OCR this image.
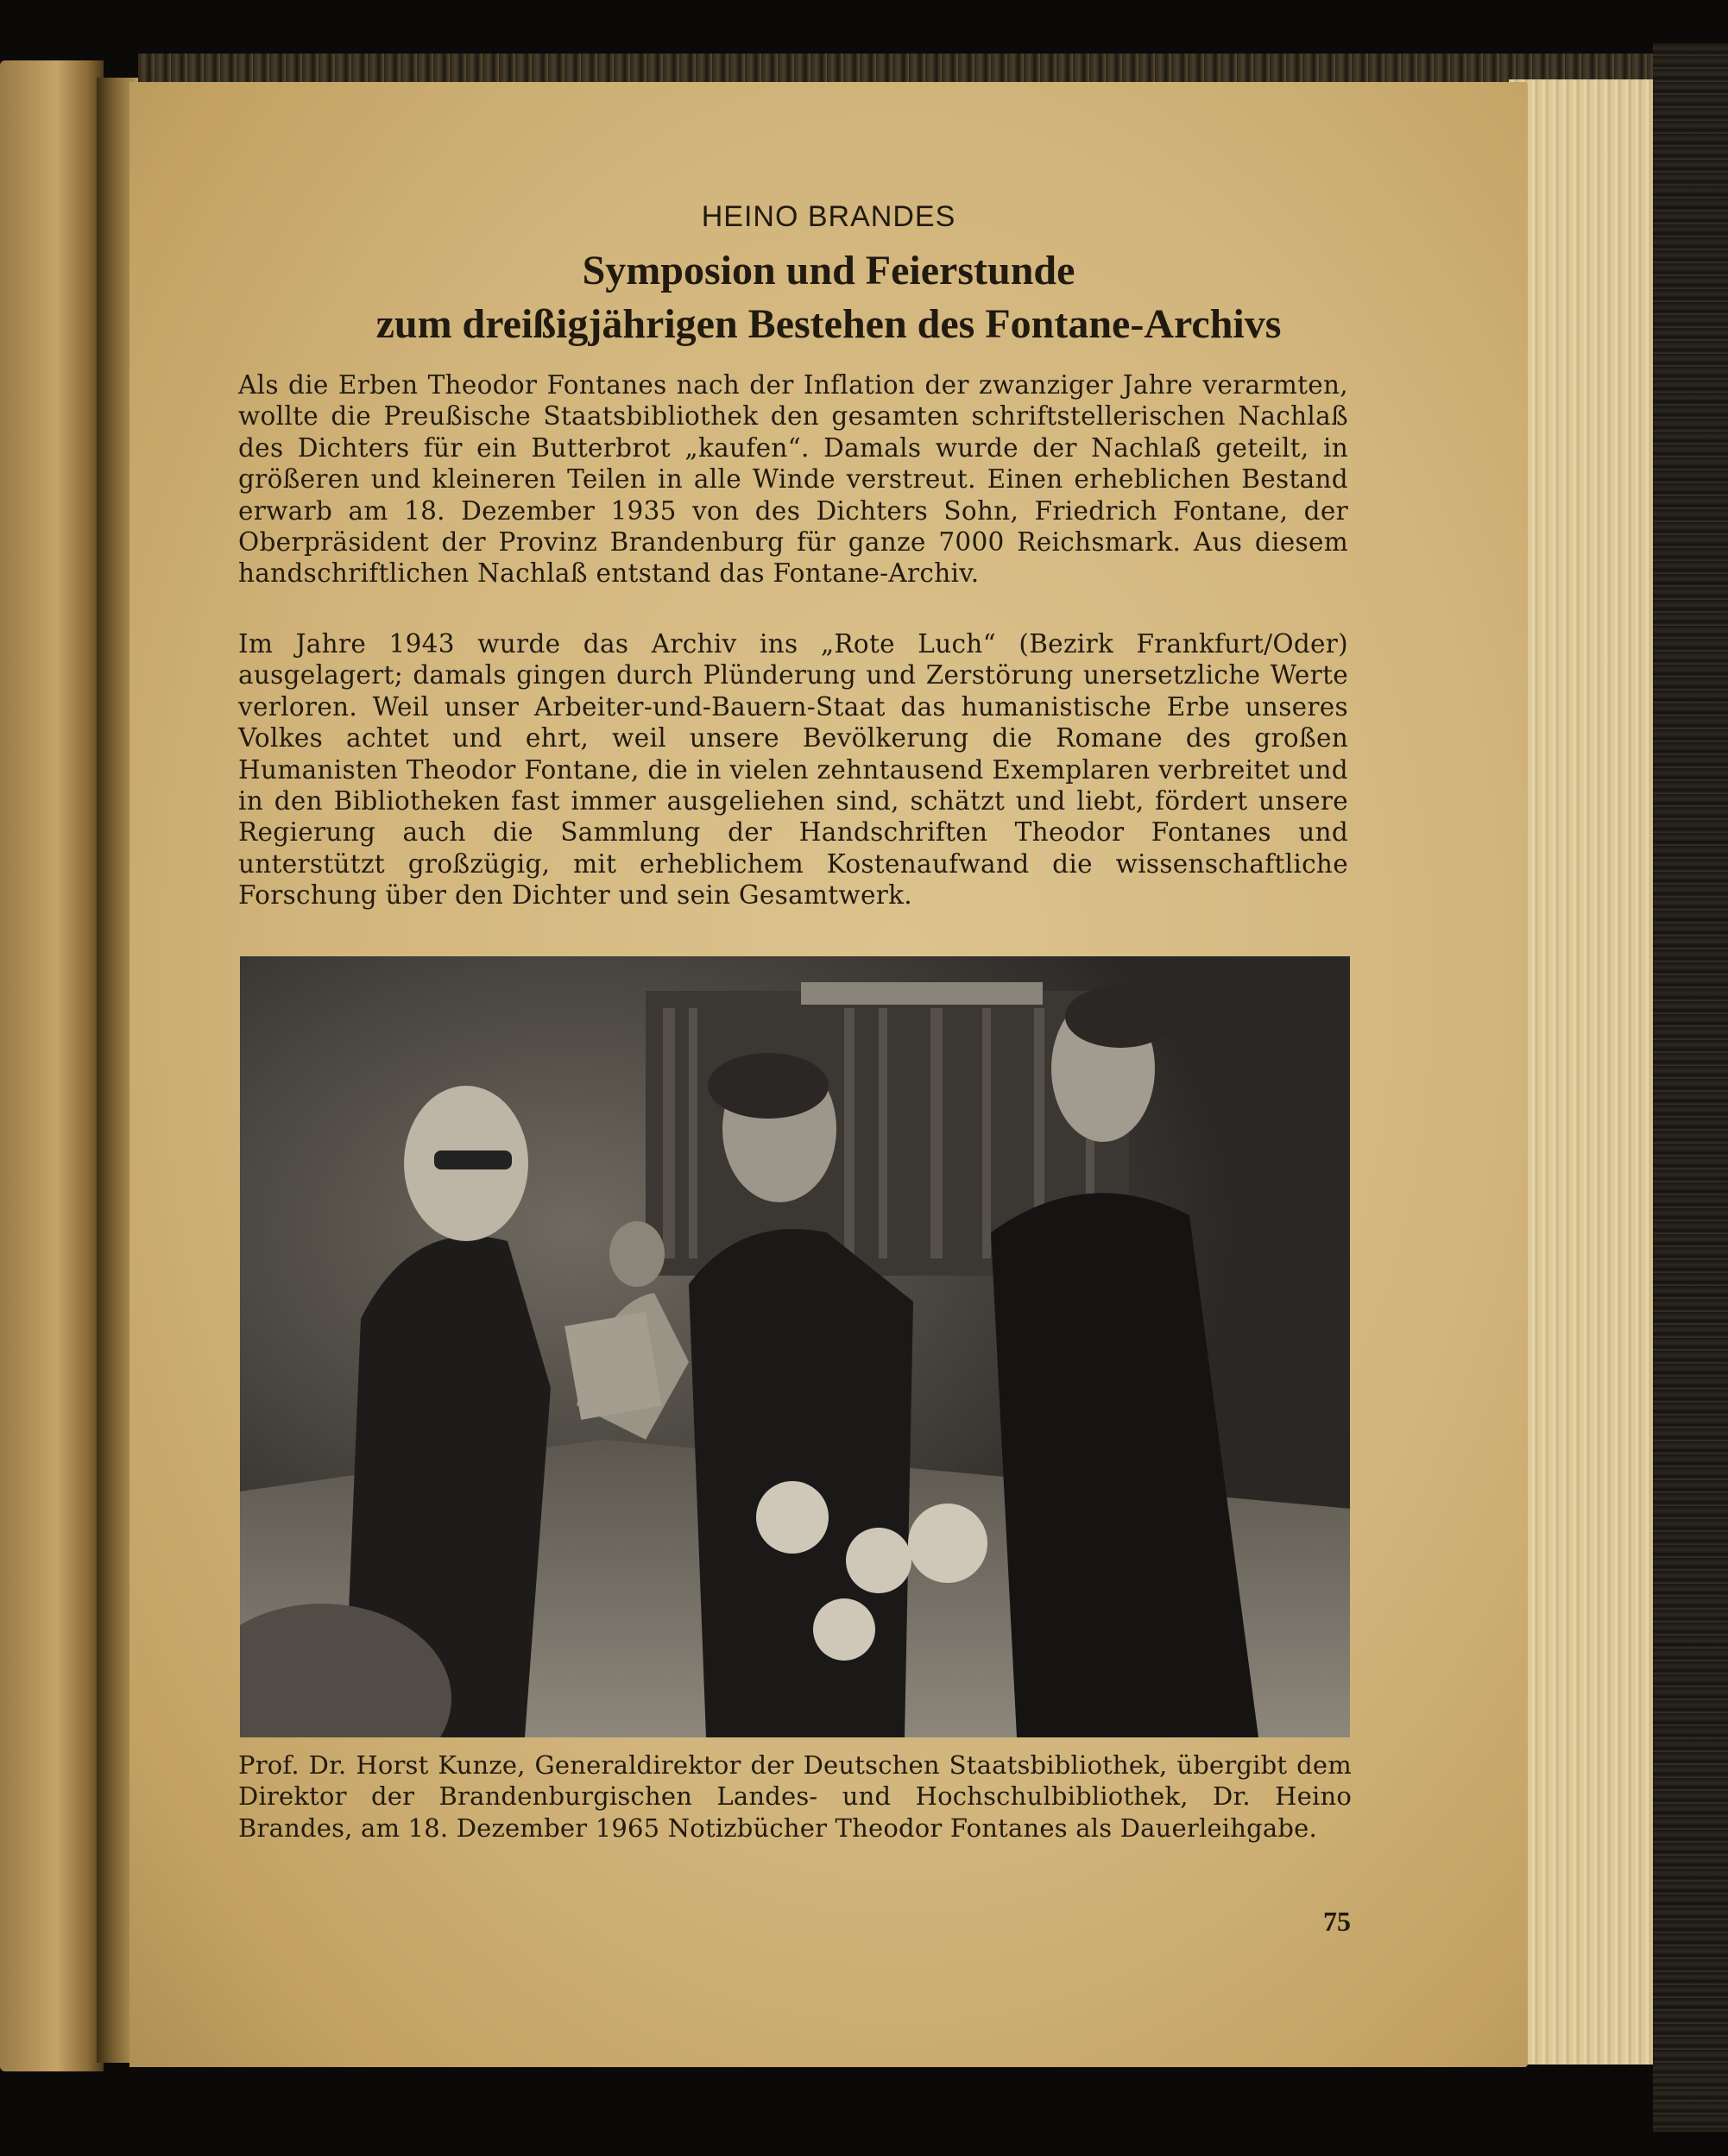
HEINO BRANDES
Symposion und Feierstunde
zum dreißigjährigen Bestehen des Fontane-Archivs
Als die Erben Theodor Fontanes nach der Inflation der zwanziger Jahre verarmten, wollte die Preußische Staatsbibliothek den gesamten schriftstellerischen Nachlaß des Dichters für ein Butterbrot „kaufen“. Damals wurde der Nachlaß geteilt, in größeren und kleineren Teilen in alle Winde verstreut. Einen erheblichen Bestand erwarb am 18. Dezember 1935 von des Dichters Sohn, Friedrich Fontane, der Oberpräsident der Provinz Brandenburg für ganze 7000 Reichsmark. Aus diesem handschriftlichen Nachlaß entstand das Fontane-Archiv.
Im Jahre 1943 wurde das Archiv ins „Rote Luch“ (Bezirk Frankfurt/Oder) ausgelagert; damals gingen durch Plünderung und Zerstörung unersetzliche Werte verloren. Weil unser Arbeiter-und-Bauern-Staat das humanistische Erbe unseres Volkes achtet und ehrt, weil unsere Bevölkerung die Romane des großen Humanisten Theodor Fontane, die in vielen zehntausend Exemplaren verbreitet und in den Bibliotheken fast immer ausgeliehen sind, schätzt und liebt, fördert unsere Regierung auch die Sammlung der Handschriften Theodor Fontanes und unterstützt großzügig, mit erheblichem Kostenaufwand die wissenschaftliche Forschung über den Dichter und sein Gesamtwerk.
Prof. Dr. Horst Kunze, Generaldirektor der Deutschen Staatsbibliothek, übergibt dem Direktor der Brandenburgischen Landes- und Hochschulbibliothek, Dr. Heino Brandes, am 18. Dezember 1965 Notizbücher Theodor Fontanes als Dauerleihgabe.
75
